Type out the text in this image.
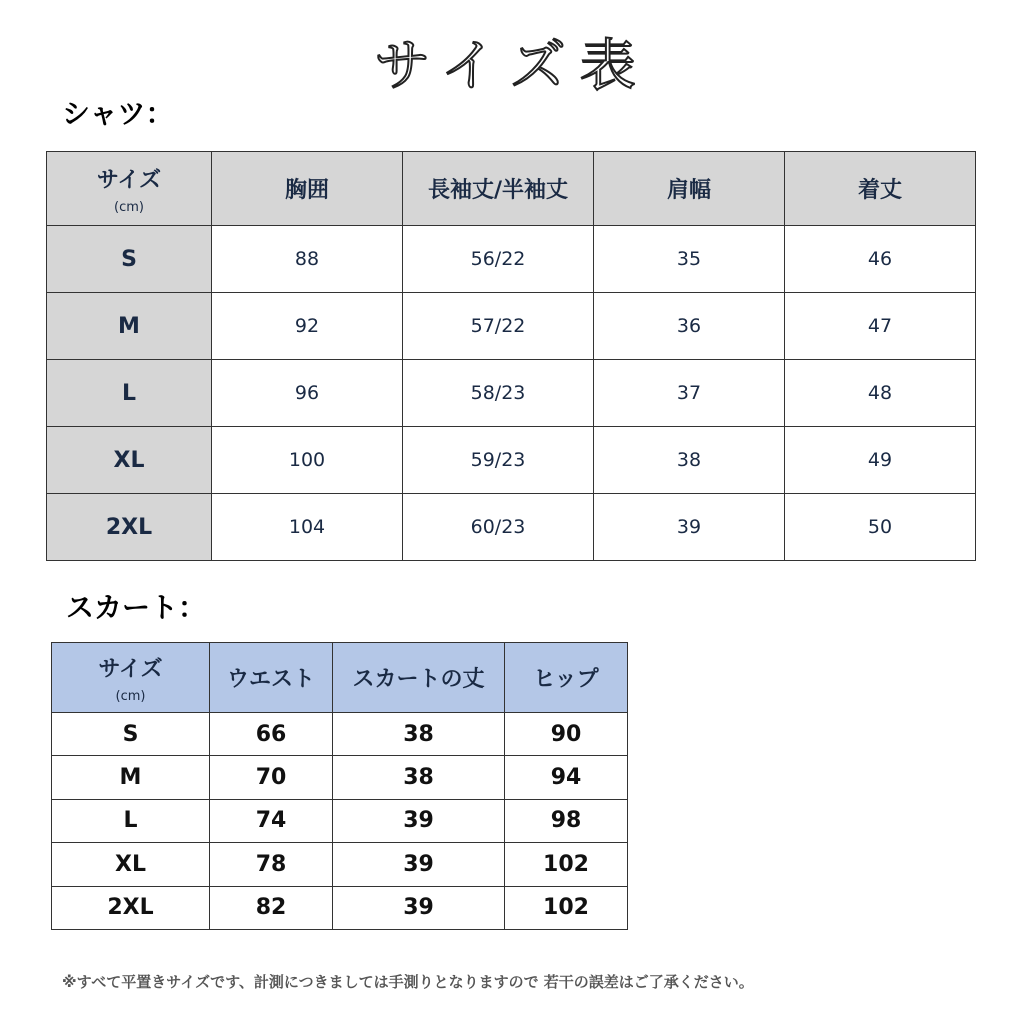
サイズ表
シャツ：
サイズ
(cm)	胸囲	長袖丈/半袖丈	肩幅	着丈
S	88	56/22	35	46
M	92	57/22	36	47
L	96	58/23	37	48
XL	100	59/23	38	49
2XL	104	60/23	39	50
スカート：
サイズ
(cm)	ウエスト	スカートの丈	ヒップ
S	66	38	90
M	70	38	94
L	74	39	98
XL	78	39	102
2XL	82	39	102
※すべて平置きサイズです、計測につきましては手測りとなりますので 若干の誤差はご了承ください。
